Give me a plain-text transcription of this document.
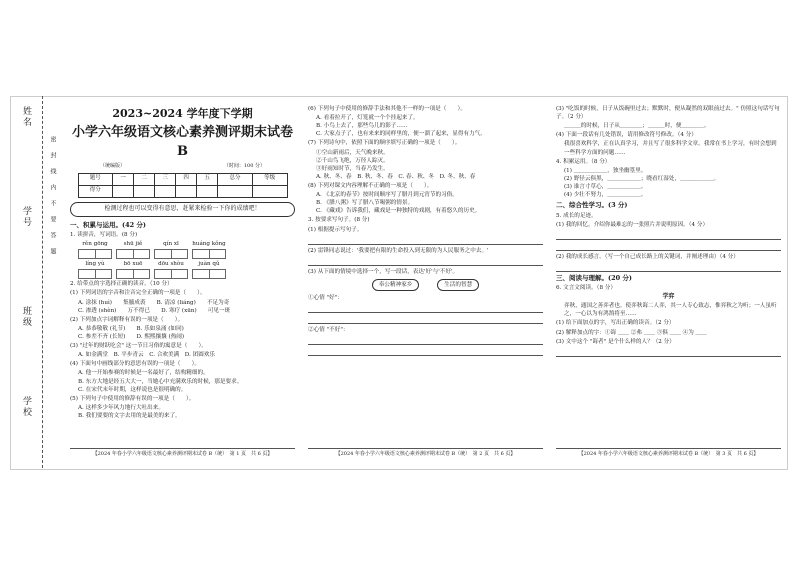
姓名
学号
班级
学校
密　封　线　内　不　要　答　题
2023~2024 学年度下学期
小学六年级语文核心素养测评期末试卷 B
（统编版）	（时间：100 分）
题号	一	二	三	四	五	总分	等级
得分							
检测过程也可以变得有意思，赶紧来检验一下你的成绩吧！
一、积累与运用。(42 分)
1. 读拼音，写词语。(8 分)
rěn gōng	shū jiě	qín xī	huáng kǒng
líng yù	bō xuē	dōu shòu	juàn qǔ
2. 给带点的字选择正确的读音。（10 分）
(1) 下列词语的字音和注音完全正确的一项是（　　）。
A. 涂抹 (huì)　　集腋成裘　　B. 清凉 (liáng)　　不足为奇
C. 渗透 (shèn)　　万不得已　　D. 寒疗 (xūn)　　可见一斑
(2) 下列加点字词解释有误的一项是（　　）。
A. 恭恭敬敬 (礼节)　　B. 乐如泉涌 (如同)
C. 参差不齐 (长短)　　D. 熙熙攘攘 (热闹)
(3) "过年的财跃吃会" 这一节日习俗的寓意是（　　）。
A. 如金满堂　B. 平步青云　C. 合欢美满　D. 团圆欢乐
(4) 下面句中画线部分的意思有误的一项是（　　）。
A. 他一开始参赛的时候是一名最好了，结构精细的。
B. 东方大地是经五大大一，当她心中充满欢乐的时候，那是要求。
C. 在宋代末年时期，这样说也是很明确的。
(5) 下列句子中使用的修辞有误的一项是（　　）。
A. 这样多少年风力地行大吐出来。
B. 我们要要的文字去用的是最美的来了。
【2024 年春小学六年级语文核心素养测评期末试卷 B（统）　第 1 页　共 6 页】
(6) 下列句子中使用的修辞手法和其他不一样的一项是（　　）。
A. 看着拉开了，灯笼就一个个挂起来了。
B. 小鸟上去了，那些鸟儿的影子……
C. 大家点子了，也有来来的同样里的，便一溜了起来，显得有力气。
(7) 下列诗句中，依照下面的顺序填写正确的一项是（　　）。
①空山新雨后，天气晚来秋。
②千山鸟飞绝，万径人踪灭。
③好雨知时节，当春乃发生。
A. 秋、冬、春　B. 秋、冬、春　C. 春、秋、冬　D. 冬、秋、春
(8) 下列对课文内容理解不正确的一项是（　　）。
A. 《北京的春节》按时间顺序写了腊月到元宵节的习俗。
B. 《腊八粥》写了腊八节喝粥的情景。
C. 《藏戏》告诉我们，藏戏是一种独特的戏剧，有着悠久的历史。
3. 按要求写句子。(8 分)
(1) 根据提示写句子。
(2) 雷锋同志说过：'我要把有限的生命投入到无限的为人民服务之中去。'
(3) 从下面的情境中选择一个，写一段话，表达'好'与'不好'。
奉公精神家乡	生活的智慧
①心情 "好"：
②心情 "不好"：
【2024 年春小学六年级语文核心素养测评期末试卷 B（统）　第 2 页　共 6 页】
(3) "吃饭的时候，日子从饭碗里过去；默默时，便从凝然的双眼前过去。" 仿照这句话写句子。（2 分）
＿＿＿的时候，日子从＿＿＿＿；＿＿＿时，便＿＿＿＿。
(4) 下面一段话有几处错误，请用修改符号修改。（4 分）
我很喜欢科学，正在认真学习，并且写了很多科学文章。我常在书上学习，有时会想到一些科学方面的问题……
4. 积累运用。（8 分）
(1) ＿＿＿＿＿＿，独坐幽篁里。
(2) 野径云俱黑，＿＿＿＿＿＿；晓看红湿处，＿＿＿＿＿＿。
(3) 谁言寸草心，＿＿＿＿＿＿。
(4) 少壮不努力，＿＿＿＿＿＿。
二、综合性学习。(3 分)
5. 成长的足迹。
(1) 我的回忆。介绍你最难忘的一张照片并说明原因。（4 分）
(2) 我的成长感言。（写一个自己成长路上的关键词，并阐述理由）（4 分）
三、阅读与理解。(20 分)
6. 文言文阅读。（8 分）
学弈
弈秋，通国之善弈者也。使弈秋诲二人弈，其一人专心致志，惟弈秋之为听；一人虽听之，一心以为有鸿鹄将至……
(1) 给下面加点的字，写出正确的读音。（2 分）
(2) 解释加点的字：①诲 ＿＿ ②弗 ＿＿ ③俱 ＿＿ ④为 ＿＿
(3) 文中这个 "诲者" 是个什么样的人？（2 分）
【2024 年春小学六年级语文核心素养测评期末试卷 B（统）　第 3 页　共 6 页】
